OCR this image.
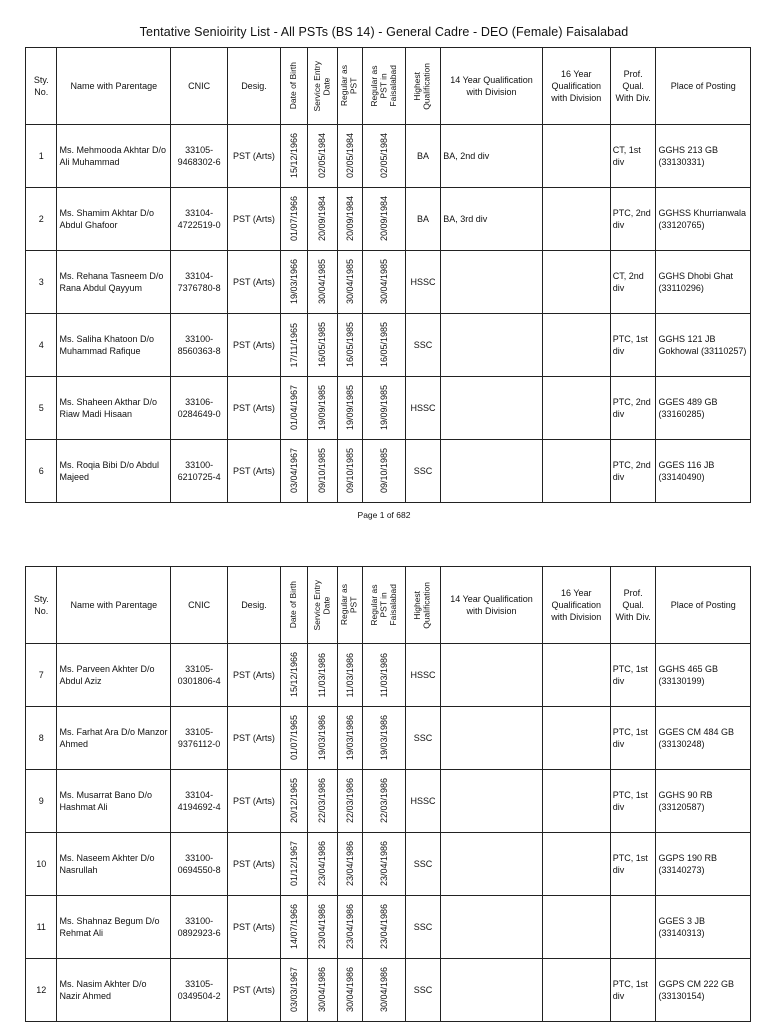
Tentative Senioirity List - All PSTs (BS 14) - General Cadre - DEO (Female) Faisalabad
Sty.
No.	Name with Parentage	CNIC	Desig.	Date of Birth	Service Entry
Date	Regular as
PST	Regular as
PST in
Faisalabad	Highest
Qualification	14 Year Qualification
with Division	16 Year
Qualification
with Division	Prof.
Qual.
With Div.	Place of Posting
1	Ms. Mehmooda Akhtar D/o Ali Muhammad	33105-
9468302-6	PST (Arts)	15/12/1966	02/05/1984	02/05/1984	02/05/1984	BA	BA, 2nd div		CT, 1st div	GGHS 213 GB (33130331)
2	Ms. Shamim Akhtar D/o Abdul Ghafoor	33104-
4722519-0	PST (Arts)	01/07/1966	20/09/1984	20/09/1984	20/09/1984	BA	BA, 3rd div		PTC, 2nd div	GGHSS Khurrianwala (33120765)
3	Ms. Rehana Tasneem D/o Rana Abdul Qayyum	33104-
7376780-8	PST (Arts)	19/03/1966	30/04/1985	30/04/1985	30/04/1985	HSSC			CT, 2nd div	GGHS Dhobi Ghat (33110296)
4	Ms. Saliha Khatoon D/o Muhammad Rafique	33100-
8560363-8	PST (Arts)	17/11/1965	16/05/1985	16/05/1985	16/05/1985	SSC			PTC, 1st div	GGHS 121 JB Gokhowal (33110257)
5	Ms. Shaheen Akthar D/o Riaw Madi Hisaan	33106-
0284649-0	PST (Arts)	01/04/1967	19/09/1985	19/09/1985	19/09/1985	HSSC			PTC, 2nd div	GGES 489 GB (33160285)
6	Ms. Roqia Bibi D/o Abdul Majeed	33100-
6210725-4	PST (Arts)	03/04/1967	09/10/1985	09/10/1985	09/10/1985	SSC			PTC, 2nd div	GGES 116 JB (33140490)
Page 1 of 682
Sty.
No.	Name with Parentage	CNIC	Desig.	Date of Birth	Service Entry
Date	Regular as
PST	Regular as
PST in
Faisalabad	Highest
Qualification	14 Year Qualification
with Division	16 Year
Qualification
with Division	Prof.
Qual.
With Div.	Place of Posting
7	Ms. Parveen Akhter D/o Abdul Aziz	33105-
0301806-4	PST (Arts)	15/12/1966	11/03/1986	11/03/1986	11/03/1986	HSSC			PTC, 1st div	GGHS 465 GB (33130199)
8	Ms. Farhat Ara D/o Manzor Ahmed	33105-
9376112-0	PST (Arts)	01/07/1965	19/03/1986	19/03/1986	19/03/1986	SSC			PTC, 1st div	GGES CM 484 GB (33130248)
9	Ms. Musarrat Bano D/o Hashmat Ali	33104-
4194692-4	PST (Arts)	20/12/1965	22/03/1986	22/03/1986	22/03/1986	HSSC			PTC, 1st div	GGHS 90 RB (33120587)
10	Ms. Naseem Akhter D/o Nasrullah	33100-
0694550-8	PST (Arts)	01/12/1967	23/04/1986	23/04/1986	23/04/1986	SSC			PTC, 1st div	GGPS 190 RB (33140273)
11	Ms. Shahnaz Begum D/o Rehmat Ali	33100-
0892923-6	PST (Arts)	14/07/1966	23/04/1986	23/04/1986	23/04/1986	SSC				GGES 3 JB (33140313)
12	Ms. Nasim Akhter D/o Nazir Ahmed	33105-
0349504-2	PST (Arts)	03/03/1967	30/04/1986	30/04/1986	30/04/1986	SSC			PTC, 1st div	GGPS CM 222 GB (33130154)
